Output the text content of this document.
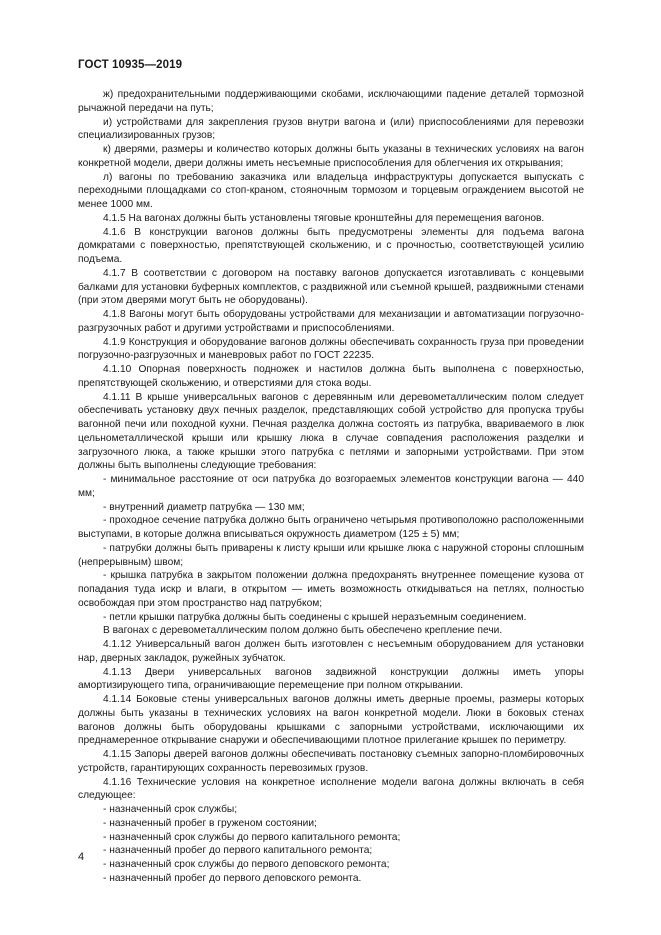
ГОСТ 10935—2019

ж) предохранительными поддерживающими скобами, исключающими падение деталей тормозной рычажной передачи на путь;

и) устройствами для закрепления грузов внутри вагона и (или) приспособлениями для перевозки специализированных грузов;

к) дверями, размеры и количество которых должны быть указаны в технических условиях на вагон конкретной модели, двери должны иметь несъемные приспособления для облегчения их открывания;

л) вагоны по требованию заказчика или владельца инфраструктуры допускается выпускать с переходными площадками со стоп-краном, стояночным тормозом и торцевым ограждением высотой не менее 1000 мм.

4.1.5 На вагонах должны быть установлены тяговые кронштейны для перемещения вагонов.

4.1.6 В конструкции вагонов должны быть предусмотрены элементы для подъема вагона домкратами с поверхностью, препятствующей скольжению, и с прочностью, соответствующей усилию подъема.

4.1.7 В соответствии с договором на поставку вагонов допускается изготавливать с концевыми балками для установки буферных комплектов, с раздвижной или съемной крышей, раздвижными стенами (при этом дверями могут быть не оборудованы).

4.1.8 Вагоны могут быть оборудованы устройствами для механизации и автоматизации погрузочно-разгрузочных работ и другими устройствами и приспособлениями.

4.1.9 Конструкция и оборудование вагонов должны обеспечивать сохранность груза при проведении погрузочно-разгрузочных и маневровых работ по ГОСТ 22235.

4.1.10 Опорная поверхность подножек и настилов должна быть выполнена с поверхностью, препятствующей скольжению, и отверстиями для стока воды.

4.1.11 В крыше универсальных вагонов с деревянным или деревометаллическим полом следует обеспечивать установку двух печных разделок, представляющих собой устройство для пропуска трубы вагонной печи или походной кухни. Печная разделка должна состоять из патрубка, ввариваемого в люк цельнометаллической крыши или крышку люка в случае совпадения расположения разделки и загрузочного люка, а также крышки этого патрубка с петлями и запорными устройствами. При этом должны быть выполнены следующие требования:

- минимальное расстояние от оси патрубка до возгораемых элементов конструкции вагона — 440 мм;

- внутренний диаметр патрубка — 130 мм;

- проходное сечение патрубка должно быть ограничено четырьмя противоположно расположенными выступами, в которые должна вписываться окружность диаметром (125 ± 5) мм;

- патрубки должны быть приварены к листу крыши или крышке люка с наружной стороны сплошным (непрерывным) швом;

- крышка патрубка в закрытом положении должна предохранять внутреннее помещение кузова от попадания туда искр и влаги, в открытом — иметь возможность откидываться на петлях, полностью освобождая при этом пространство над патрубком;

- петли крышки патрубка должны быть соединены с крышей неразъемным соединением.

В вагонах с деревометаллическим полом должно быть обеспечено крепление печи.

4.1.12 Универсальный вагон должен быть изготовлен с несъемным оборудованием для установки нар, дверных закладок, ружейных зубчаток.

4.1.13 Двери универсальных вагонов задвижной конструкции должны иметь упоры амортизирующего типа, ограничивающие перемещение при полном открывании.

4.1.14 Боковые стены универсальных вагонов должны иметь дверные проемы, размеры которых должны быть указаны в технических условиях на вагон конкретной модели. Люки в боковых стенах вагонов должны быть оборудованы крышками с запорными устройствами, исключающими их преднамеренное открывание снаружи и обеспечивающими плотное прилегание крышек по периметру.

4.1.15 Запоры дверей вагонов должны обеспечивать постановку съемных запорно-пломбировочных устройств, гарантирующих сохранность перевозимых грузов.

4.1.16 Технические условия на конкретное исполнение модели вагона должны включать в себя следующее:

- назначенный срок службы;

- назначенный пробег в груженом состоянии;

- назначенный срок службы до первого капитального ремонта;

- назначенный пробег до первого капитального ремонта;

- назначенный срок службы до первого деповского ремонта;

- назначенный пробег до первого деповского ремонта.

4
